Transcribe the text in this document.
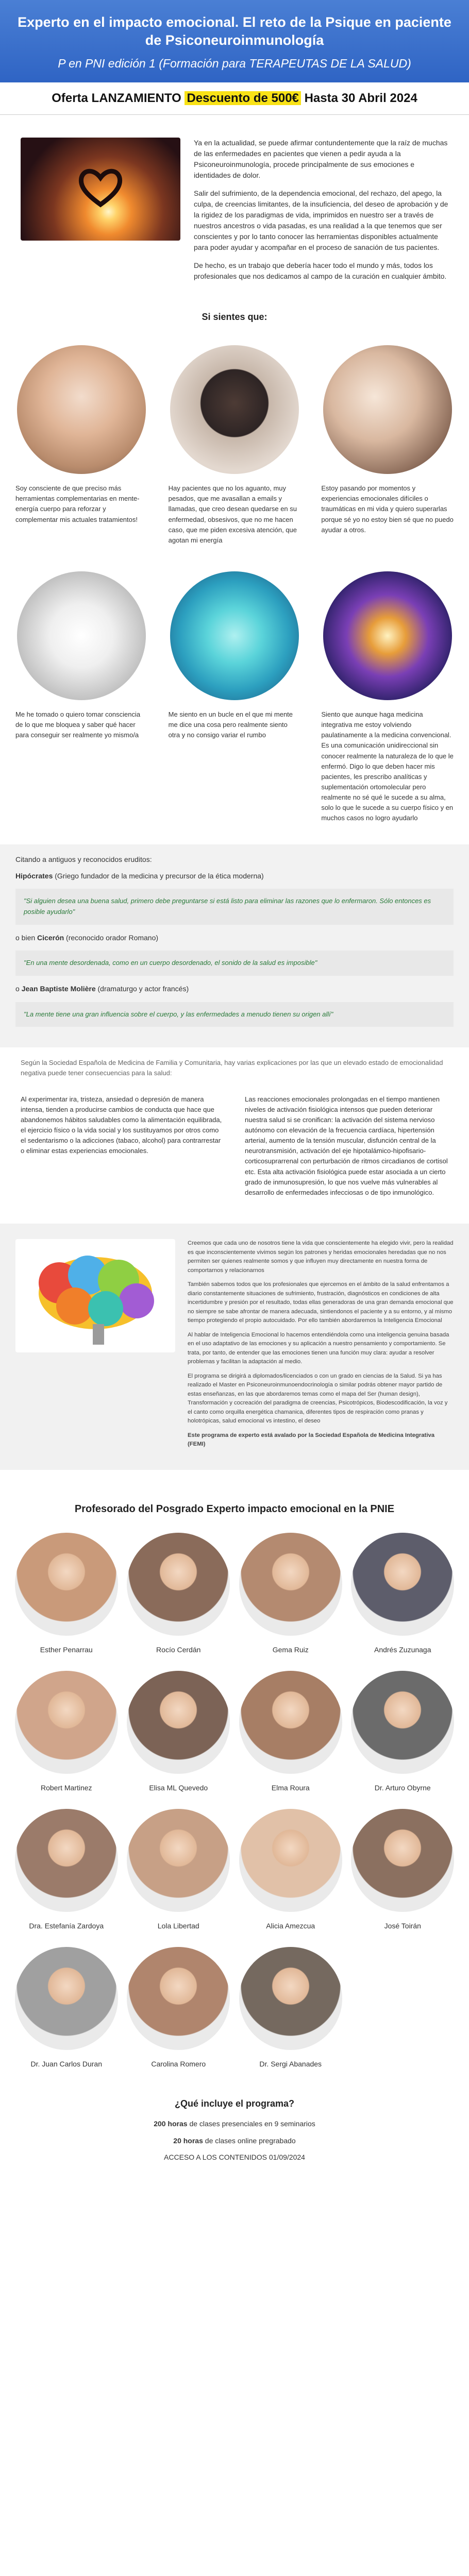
Experto en el impacto emocional. El reto de la Psique en paciente de Psiconeuroinmunología
P en PNI edición 1 (Formación para TERAPEUTAS DE LA SALUD)
Oferta LANZAMIENTO Descuento de 500€ Hasta 30 Abril 2024

Ya en la actualidad, se puede afirmar contundentemente que la raíz de muchas de las enfermedades en pacientes que vienen a pedir ayuda a la Psiconeuroinmunología, procede principalmente de sus emociones e identidades de dolor.

Salir del sufrimiento, de la dependencia emocional, del rechazo, del apego, la culpa, de creencias limitantes, de la insuficiencia, del deseo de aprobación y de la rigidez de los paradigmas de vida, imprimidos en nuestro ser a través de nuestros ancestros o vida pasadas, es una realidad a la que tenemos que ser conscientes y por lo tanto conocer las herramientas disponibles actualmente para poder ayudar y acompañar en el proceso de sanación de tus pacientes.

De hecho, es un trabajo que debería hacer todo el mundo y más, todos los profesionales que nos dedicamos al campo de la curación en cualquier ámbito.

Si sientes que:

Soy consciente de que preciso más herramientas complementarias en mente-energía cuerpo para reforzar y complementar mis actuales tratamientos!

Hay pacientes que no los aguanto, muy pesados, que me avasallan a emails y llamadas, que creo desean quedarse en su enfermedad, obsesivos, que no me hacen caso, que me piden excesiva atención, que agotan mi energía

Estoy pasando por momentos y experiencias emocionales difíciles o traumáticas en mi vida y quiero superarlas porque sé yo no estoy bien sé que no puedo ayudar a otros.

Me he tomado o quiero tomar consciencia de lo que me bloquea y saber qué hacer para conseguir ser realmente yo mismo/a

Me siento en un bucle en el que mi mente me dice una cosa pero realmente siento otra y no consigo variar el rumbo

Siento que aunque haga medicina integrativa me estoy volviendo paulatinamente a la medicina convencional. Es una comunicación unidireccional sin conocer realmente la naturaleza de lo que le enfermó. Digo lo que deben hacer mis pacientes, les prescribo analíticas y suplementación ortomolecular pero realmente no sé qué le sucede a su alma, solo lo que le sucede a su cuerpo físico y en muchos casos no logro ayudarlo

Citando a antiguos y reconocidos eruditos:

Hipócrates (Griego fundador de la medicina y precursor de la ética moderna)

"Si alguien desea una buena salud, primero debe preguntarse si está listo para eliminar las razones que lo enfermaron. Sólo entonces es posible ayudarlo"

o bien Cicerón (reconocido orador Romano)

"En una mente desordenada, como en un cuerpo desordenado, el sonido de la salud es imposible"

o Jean Baptiste Molière (dramaturgo y actor francés)

"La mente tiene una gran influencia sobre el cuerpo, y las enfermedades a menudo tienen su origen allí"

Según la Sociedad Española de Medicina de Familia y Comunitaria, hay varias explicaciones por las que un elevado estado de emocionalidad negativa puede tener consecuencias para la salud:

Al experimentar ira, tristeza, ansiedad o depresión de manera intensa, tienden a producirse cambios de conducta que hace que abandonemos hábitos saludables como la alimentación equilibrada, el ejercicio físico o la vida social y los sustituyamos por otros como el sedentarismo o la adicciones (tabaco, alcohol) para contrarrestar o eliminar estas experiencias emocionales.

Las reacciones emocionales prolongadas en el tiempo mantienen niveles de activación fisiológica intensos que pueden deteriorar nuestra salud si se cronifican: la activación del sistema nervioso autónomo con elevación de la frecuencia cardíaca, hipertensión arterial, aumento de la tensión muscular, disfunción central de la neurotransmisión, activación del eje hipotalámico-hipofisario-corticosuprarrenal con perturbación de ritmos circadianos de cortisol etc. Esta alta activación fisiológica puede estar asociada a un cierto grado de inmunosupresión, lo que nos vuelve más vulnerables al desarrollo de enfermedades infecciosas o de tipo inmunológico.

Creemos que cada uno de nosotros tiene la vida que conscientemente ha elegido vivir, pero la realidad es que inconscientemente vivimos según los patrones y heridas emocionales heredadas que no nos permiten ser quienes realmente somos y que influyen muy directamente en nuestra forma de comportarnos y relacionarnos

También sabemos todos que los profesionales que ejercemos en el ámbito de la salud enfrentamos a diario constantemente situaciones de sufrimiento, frustración, diagnósticos en condiciones de alta incertidumbre y presión por el resultado, todas ellas generadoras de una gran demanda emocional que no siempre se sabe afrontar de manera adecuada, sintiendonos el paciente y a su entorno, y al mismo tiempo protegiendo el propio autocuidado. Por ello también abordaremos la Inteligencia Emocional

Al hablar de Inteligencia Emocional lo hacemos entendiéndola como una inteligencia genuina basada en el uso adaptativo de las emociones y su aplicación a nuestro pensamiento y comportamiento. Se trata, por tanto, de entender que las emociones tienen una función muy clara: ayudar a resolver problemas y facilitan la adaptación al medio.

El programa se dirigirá a diplomados/licenciados o con un grado en ciencias de la Salud. Si ya has realizado el Master en Psiconeuroinmunoendocrinología o similar podrás obtener mayor partido de estas enseñanzas, en las que abordaremos temas como el mapa del Ser (human design), Transformación y cocreación del paradigma de creencias, Psicotrópicos, Biodescodificación, la voz y el canto como orquilla energética chamanica, diferentes tipos de respiración como pranas y holotrópicas, salud emocional vs intestino, el deseo

Este programa de experto está avalado por la Sociedad Española de Medicina Integrativa (FEMI)

Profesorado del Posgrado Experto impacto emocional en la PNIE
Esther Penarrau	Rocío Cerdán	Gema Ruiz	Andrés Zuzunaga
Robert Martinez	Elisa ML Quevedo	Elma Roura	Dr. Arturo Obyrne
Dra. Estefanía Zardoya	Lola Libertad	Alicia Amezcua	José Toirán
Dr. Juan Carlos Duran	Carolina Romero	Dr. Sergi Abanades

¿Qué incluye el programa?

200 horas de clases presenciales en 9 seminarios

20 horas de clases online pregrabado

ACCESO A LOS CONTENIDOS 01/09/2024
